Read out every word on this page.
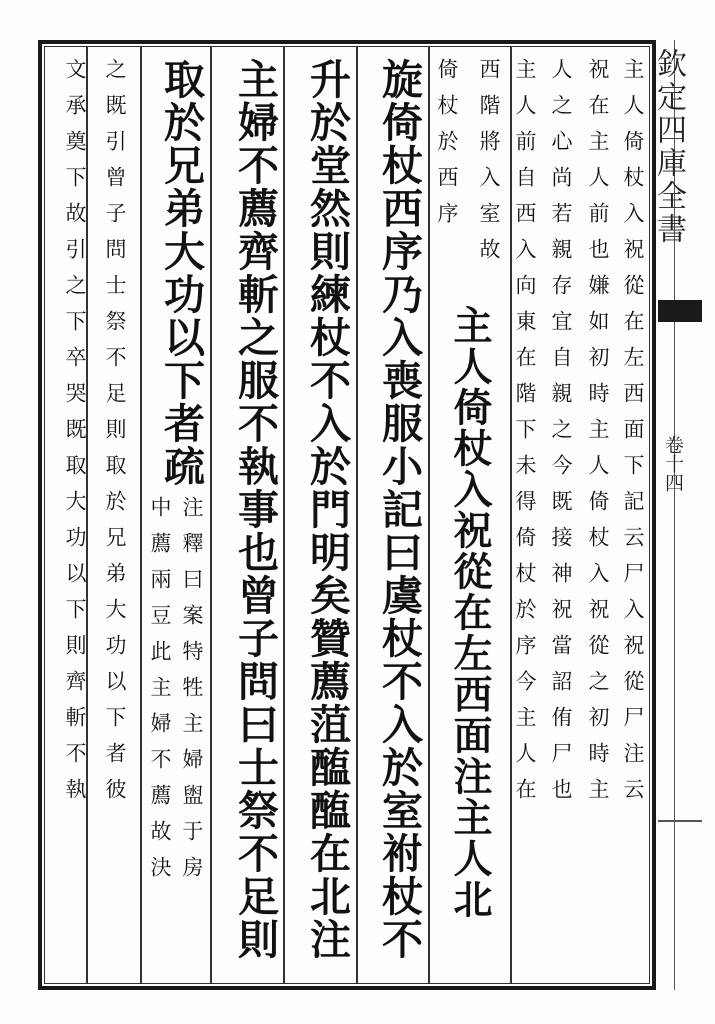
主人倚杖入祝從在左西面下記云尸入祝從尸注云
祝在主人前也嫌如初時主人倚杖入祝從之初時主
人之心尚若親存宜自親之今既接神祝當詔侑尸也
主人前自西入向東在階下未得倚杖於序今主人在
西階將入室故
倚杖於西序
主人倚杖入祝從在左西面注主人北
旋倚杖西序乃入喪服小記曰虞杖不入於室祔杖不
升於堂然則練杖不入於門明矣贊薦菹醢醢在北注
主婦不薦齊斬之服不執事也曾子問曰士祭不足則
取於兄弟大功以下者疏
注釋曰案特牲主婦盥于房
中薦兩豆此主婦不薦故決
之既引曾子問士祭不足則取於兄弟大功以下者彼
文承奠下故引之下卒哭既取大功以下則齊斬不執	欽定四庫全書
卷十四
